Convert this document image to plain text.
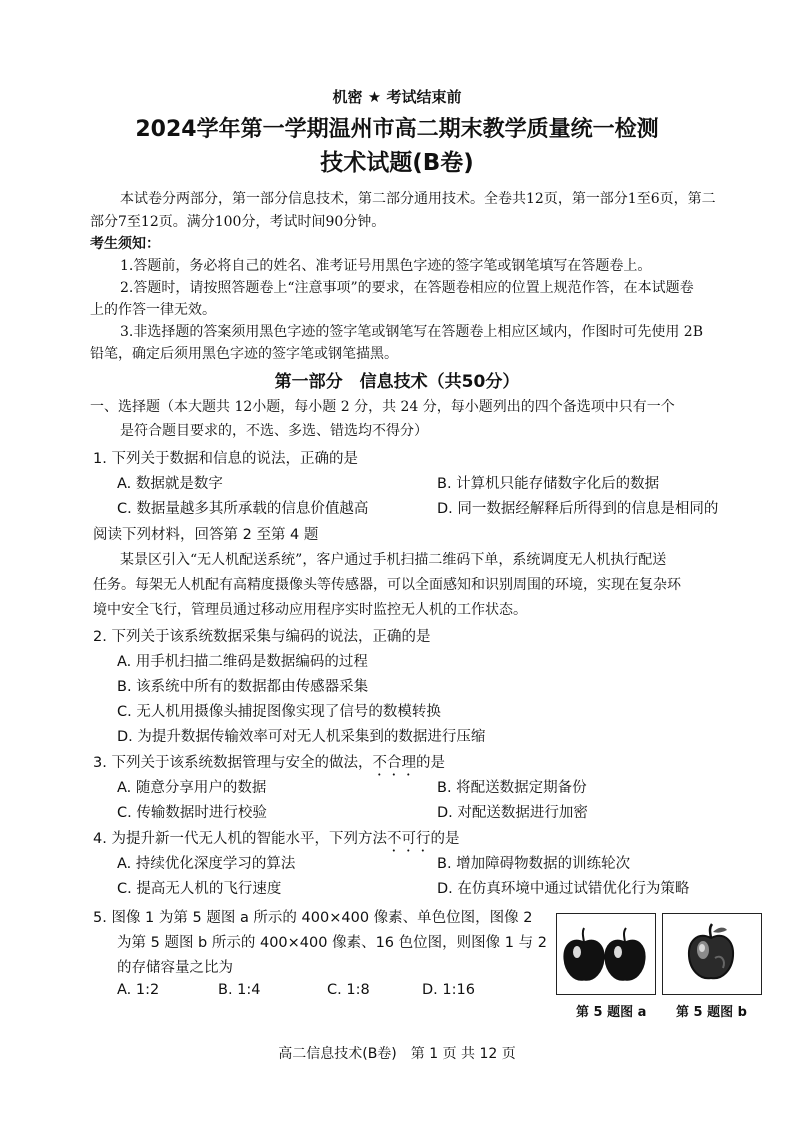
机密 ★ 考试结束前
2024学年第一学期温州市高二期末教学质量统一检测
技术试题(B卷)
本试卷分两部分，第一部分信息技术，第二部分通用技术。全卷共12页，第一部分1至6页，第二
部分7至12页。满分100分，考试时间90分钟。
考生须知：
1.答题前，务必将自己的姓名、准考证号用黑色字迹的签字笔或钢笔填写在答题卷上。
2.答题时，请按照答题卷上“注意事项”的要求，在答题卷相应的位置上规范作答，在本试题卷
上的作答一律无效。
3.非选择题的答案须用黑色字迹的签字笔或钢笔写在答题卷上相应区域内，作图时可先使用 2B
铅笔，确定后须用黑色字迹的签字笔或钢笔描黑。
第一部分　信息技术（共50分）
一、选择题（本大题共 12小题，每小题 2 分，共 24 分，每小题列出的四个备选项中只有一个
是符合题目要求的，不选、多选、错选均不得分）
1. 下列关于数据和信息的说法，正确的是
A. 数据就是数字	B. 计算机只能存储数字化后的数据
C. 数据量越多其所承载的信息价值越高	D. 同一数据经解释后所得到的信息是相同的
阅读下列材料，回答第 2 至第 4 题
某景区引入“无人机配送系统”，客户通过手机扫描二维码下单，系统调度无人机执行配送
任务。每架无人机配有高精度摄像头等传感器，可以全面感知和识别周围的环境，实现在复杂环
境中安全飞行，管理员通过移动应用程序实时监控无人机的工作状态。
2. 下列关于该系统数据采集与编码的说法，正确的是
A. 用手机扫描二维码是数据编码的过程
B. 该系统中所有的数据都由传感器采集
C. 无人机用摄像头捕捉图像实现了信号的数模转换
D. 为提升数据传输效率可对无人机采集到的数据进行压缩
3. 下列关于该系统数据管理与安全的做法，不合理的是
A. 随意分享用户的数据	B. 将配送数据定期备份
C. 传输数据时进行校验	D. 对配送数据进行加密
4. 为提升新一代无人机的智能水平，下列方法不可行的是
A. 持续优化深度学习的算法	B. 增加障碍物数据的训练轮次
C. 提高无人机的飞行速度	D. 在仿真环境中通过试错优化行为策略
5. 图像 1 为第 5 题图 a 所示的 400×400 像素、单色位图，图像 2
为第 5 题图 b 所示的 400×400 像素、16 色位图，则图像 1 与 2
的存储容量之比为
A. 1:2	B. 1:4	C. 1:8	D. 1:16
第 5 题图 a 第 5 题图 b
高二信息技术(B卷)　第 1 页 共 12 页
